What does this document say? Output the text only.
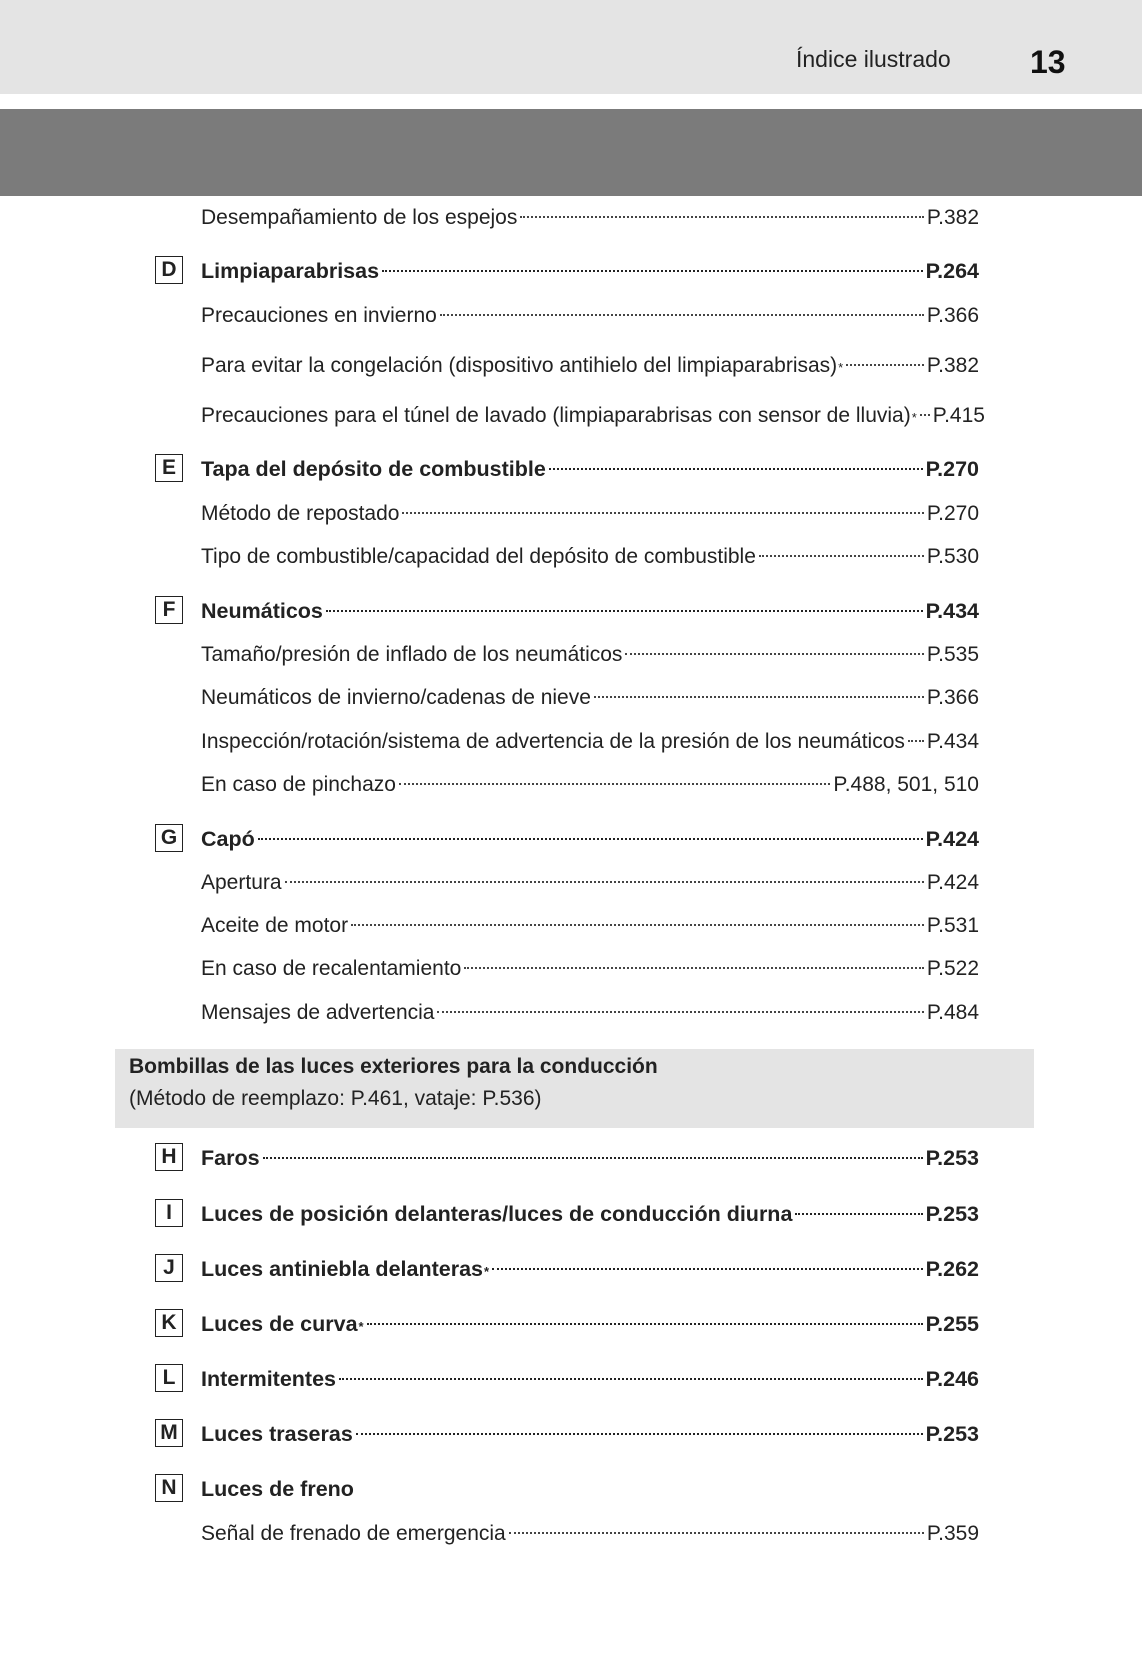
Índice ilustrado 13
Desempañamiento de los espejos	P.382
D Limpiaparabrisas	P.264
Precauciones en invierno	P.366
Para evitar la congelación (dispositivo antihielo del limpiaparabrisas) *	P.382
Precauciones para el túnel de lavado (limpiaparabrisas con sensor de lluvia) * P.415
E	Tapa del depósito de combustible	P.270
Método de repostado	P.270
Tipo de combustible/capacidad del depósito de combustible	P.530
F	Neumáticos	P.434
Tamaño/presión de inflado de los neumáticos	P.535
Neumáticos de invierno/cadenas de nieve	P.366
Inspección/rotación/sistema de advertencia de la presión de los neumáticos P.434
En caso de pinchazo	P.488, 501, 510
G Capó	P.424
Apertura	P.424
Aceite de motor	P.531
En caso de recalentamiento	P.522
Mensajes de advertencia	P.484
H Faros	P.253
I	Luces de posición delanteras/luces de conducción diurna	P.253
J	Luces antiniebla delanteras *	P.262
K Luces de curva *	P.255
L	Intermitentes	P.246
M Luces traseras	P.253
N Luces de freno
Señal de frenado de emergencia	P.359
Bombillas de las luces exteriores para la conducción
(Método de reemplazo: P.461, vataje: P.536)
